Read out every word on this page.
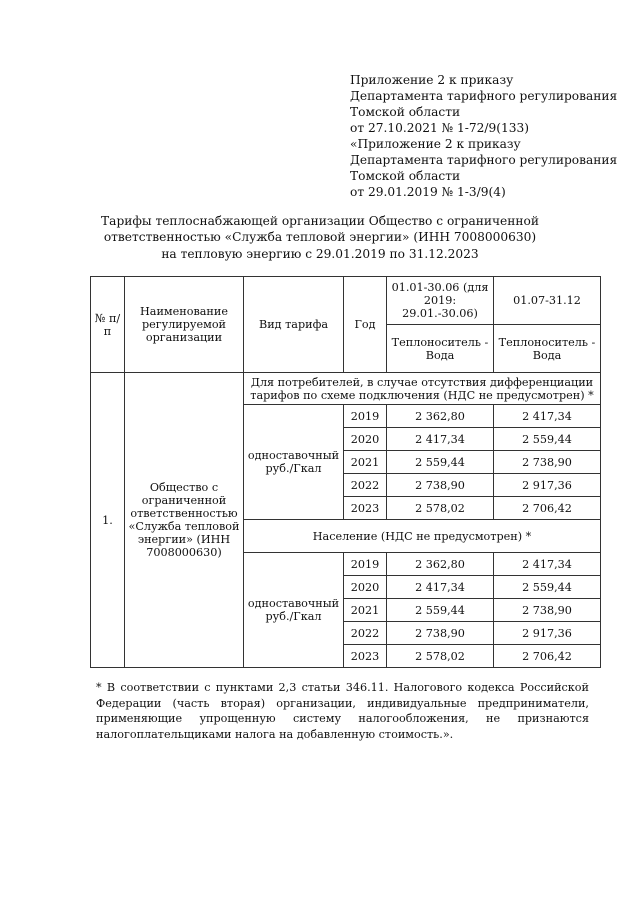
Приложение 2 к приказу
Департамента тарифного регулирования
Томской области
от 27.10.2021 № 1-72/9(133)
«Приложение 2 к приказу
Департамента тарифного регулирования
Томской области
от 29.01.2019 № 1-3/9(4)
Тарифы теплоснабжающей организации Общество с ограниченной
ответственностью «Служба тепловой энергии» (ИНН 7008000630)
на тепловую энергию с 29.01.2019 по 31.12.2023
№ п/п	Наименование регулируемой организации	Вид тарифа	Год	01.01-30.06 (для 2019: 29.01.-30.06)	01.07-31.12
				Теплоноситель - Вода	Теплоноситель - Вода
1.	Общество с ограниченной ответственностью «Служба тепловой энергии» (ИНН 7008000630)	Для потребителей, в случае отсутствия дифференциации тарифов по схеме подключения (НДС не предусмотрен) *			
		одноставочный руб./Гкал	2019	2 362,80	2 417,34
			2020	2 417,34	2 559,44
			2021	2 559,44	2 738,90
			2022	2 738,90	2 917,36
			2023	2 578,02	2 706,42
		Население (НДС не предусмотрен) *			
		одноставочный руб./Гкал	2019	2 362,80	2 417,34
			2020	2 417,34	2 559,44
			2021	2 559,44	2 738,90
			2022	2 738,90	2 917,36
			2023	2 578,02	2 706,42
* В соответствии с пунктами 2,3 статьи 346.11. Налогового кодекса Российской Федерации (часть вторая) организации, индивидуальные предприниматели, применяющие упрощенную систему налогообложения, не признаются налогоплательщиками налога на добавленную стоимость.».
